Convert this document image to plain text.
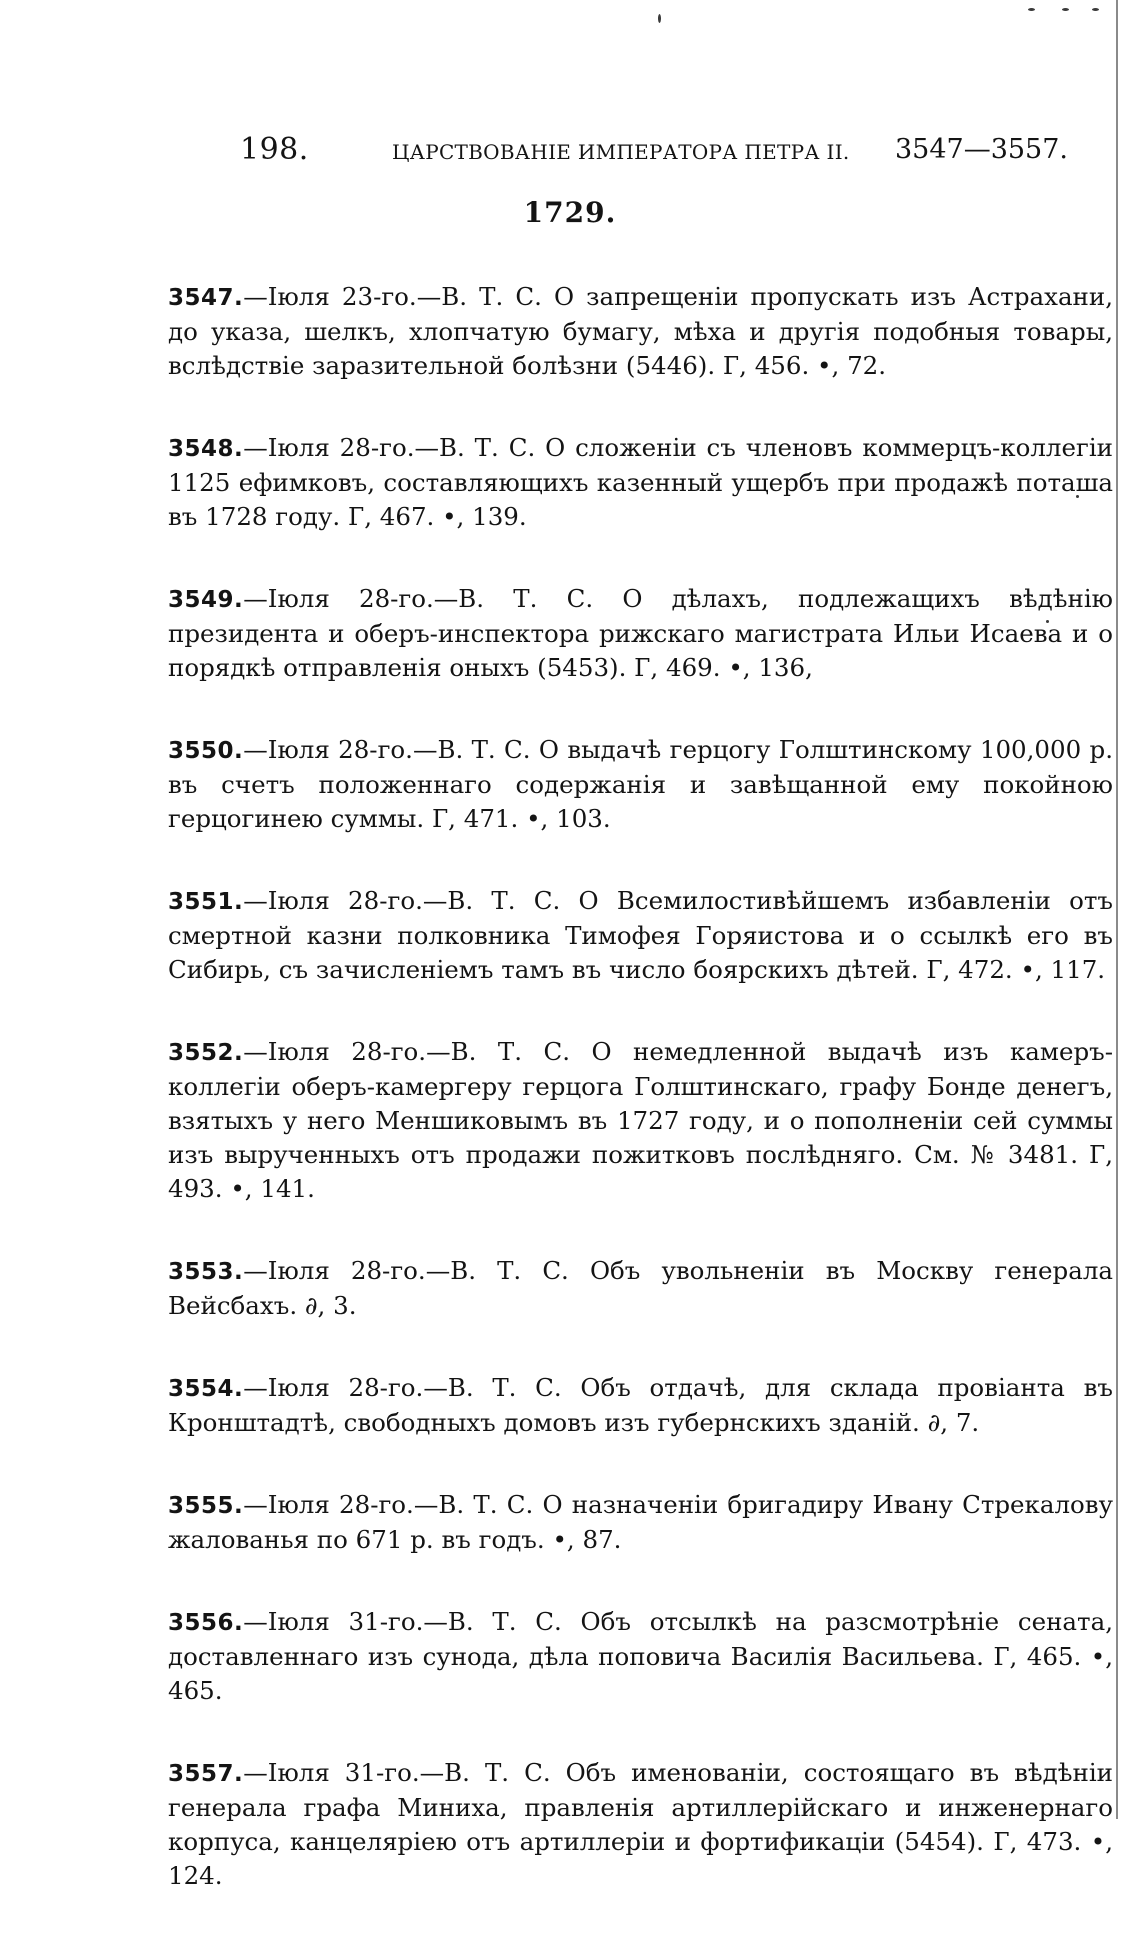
198.	ЦАРСТВОВАНІЕ ИМПЕРАТОРА ПЕТРА II. 3547—3557.
1729.

3547.—Іюля 23-го.—В. Т. С. О запрещеніи пропускать изъ Астрахани, до указа, шелкъ, хлопчатую бумагу, мѣха и другія подобныя товары, вслѣдствіе заразительной болѣзни (5446). Г, 456. •, 72.

3548.—Іюля 28-го.—В. Т. С. О сложеніи съ членовъ коммерцъ-коллегіи 1125 ефимковъ, составляющихъ казенный ущербъ при продажѣ поташа въ 1728 году. Г, 467. •, 139.

3549.—Іюля 28-го.—В. Т. С. О дѣлахъ, подлежащихъ вѣдѣнію президента и оберъ-инспектора рижскаго магистрата Ильи Исаева и о порядкѣ отправленія оныхъ (5453). Г, 469. •, 136,

3550.—Іюля 28-го.—В. Т. С. О выдачѣ герцогу Голштинскому 100,000 р. въ счетъ положеннаго содержанія и завѣщанной ему покойною герцогинею суммы. Г, 471. •, 103.

3551.—Іюля 28-го.—В. Т. С. О Всемилостивѣйшемъ избавленіи отъ смертной казни полковника Тимофея Горяистова и о ссылкѣ его въ Сибирь, съ зачисленіемъ тамъ въ число боярскихъ дѣтей. Г, 472. •, 117.

3552.—Іюля 28-го.—В. Т. С. О немедленной выдачѣ изъ камеръ-коллегіи оберъ-камергеру герцога Голштинскаго, графу Бонде денегъ, взятыхъ у него Меншиковымъ въ 1727 году, и о пополненіи сей суммы изъ вырученныхъ отъ продажи пожитковъ послѣдняго. См. № 3481. Г, 493. •, 141.

3553.—Іюля 28-го.—В. Т. С. Объ увольненіи въ Москву генерала Вейсбахъ. ∂, 3.

3554.—Іюля 28-го.—В. Т. С. Объ отдачѣ, для склада провіанта въ Кронштадтѣ, свободныхъ домовъ изъ губернскихъ зданій. ∂, 7.

3555.—Іюля 28-го.—В. Т. С. О назначеніи бригадиру Ивану Стрекалову жалованья по 671 р. въ годъ. •, 87.

3556.—Іюля 31-го.—В. Т. С. Объ отсылкѣ на разсмотрѣніе сената, доставленнаго изъ сунода, дѣла поповича Василія Васильева. Г, 465. •, 465.

3557.—Іюля 31-го.—В. Т. С. Объ именованіи, состоящаго въ вѣдѣніи генерала графа Миниха, правленія артиллерійскаго и инженернаго корпуса, канцеляріею отъ артиллеріи и фортификаціи (5454). Г, 473. •, 124.
